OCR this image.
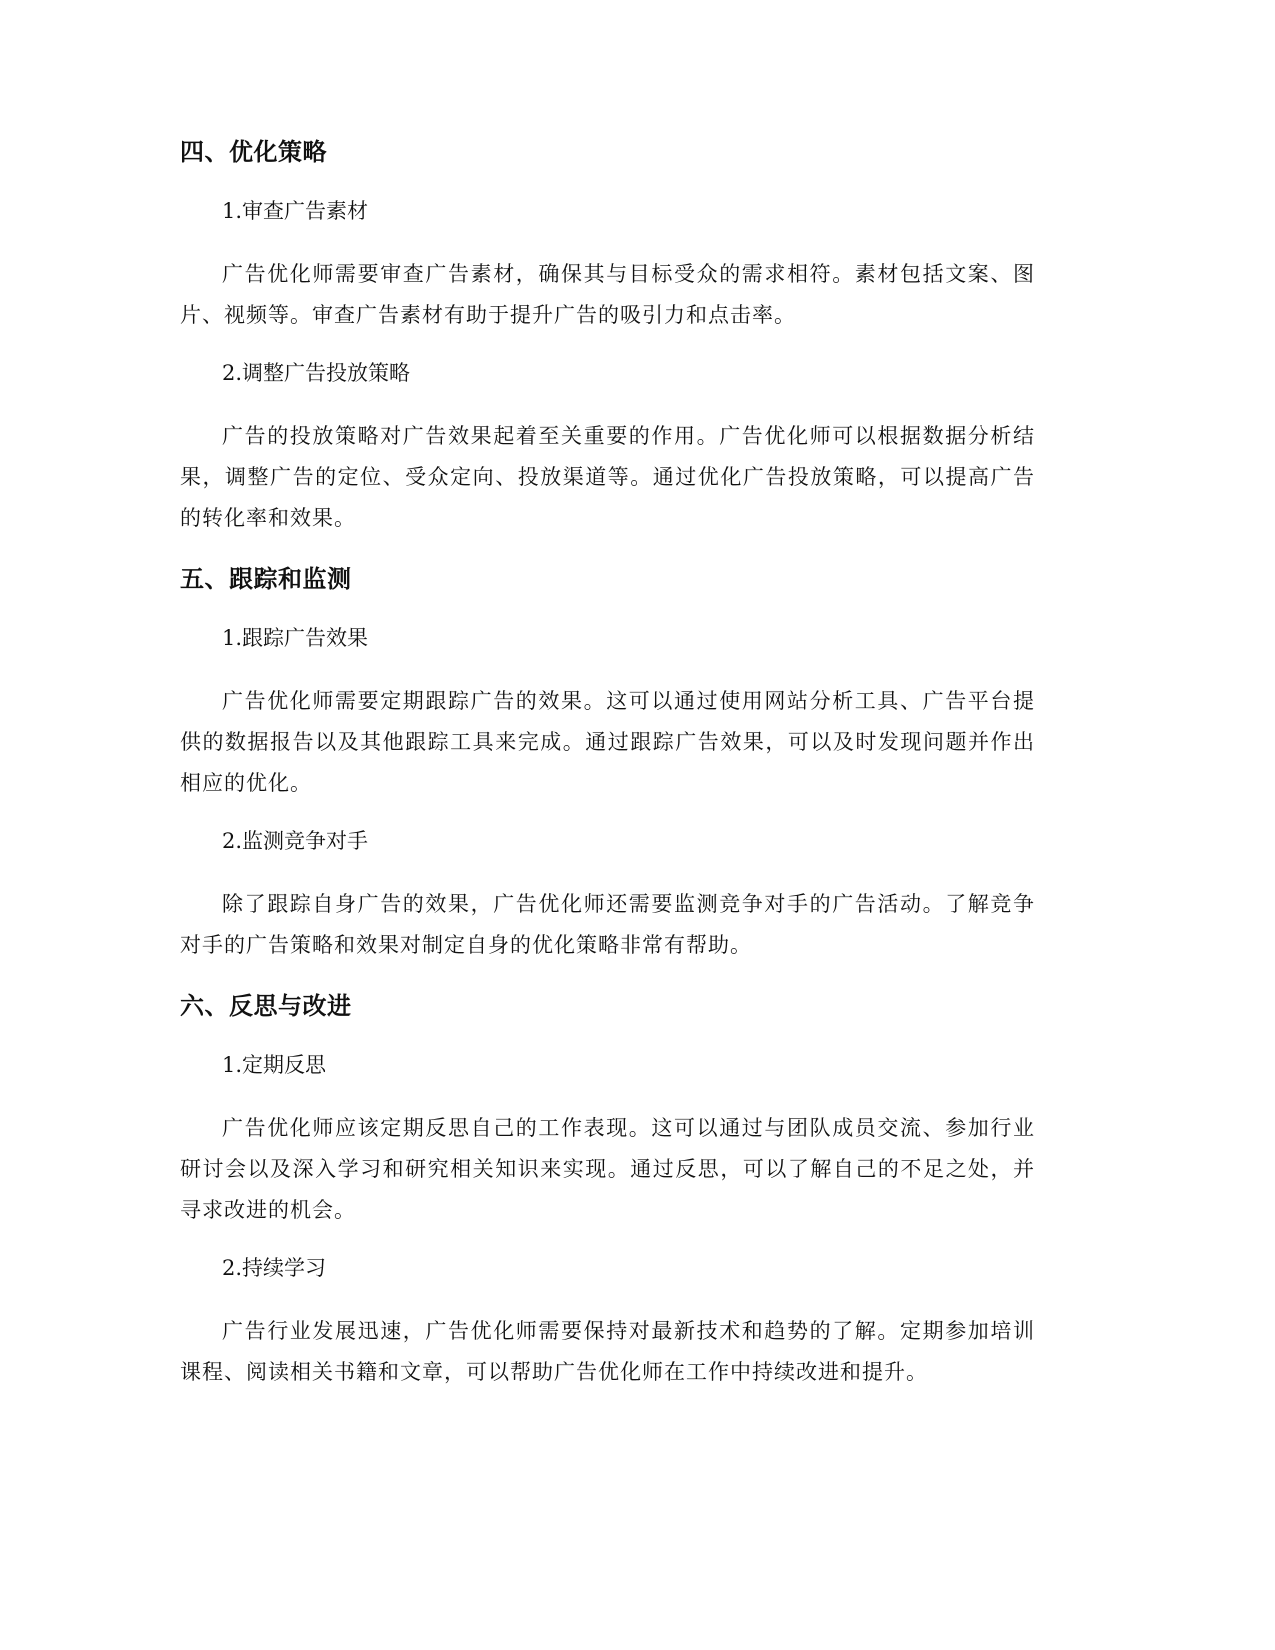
四、优化策略
1.审查广告素材

广告优化师需要审查广告素材，确保其与目标受众的需求相符。素材包括文案、图片、视频等。审查广告素材有助于提升广告的吸引力和点击率。

2.调整广告投放策略

广告的投放策略对广告效果起着至关重要的作用。广告优化师可以根据数据分析结果，调整广告的定位、受众定向、投放渠道等。通过优化广告投放策略，可以提高广告的转化率和效果。

五、跟踪和监测
1.跟踪广告效果

广告优化师需要定期跟踪广告的效果。这可以通过使用网站分析工具、广告平台提供的数据报告以及其他跟踪工具来完成。通过跟踪广告效果，可以及时发现问题并作出相应的优化。

2.监测竞争对手

除了跟踪自身广告的效果，广告优化师还需要监测竞争对手的广告活动。了解竞争对手的广告策略和效果对制定自身的优化策略非常有帮助。

六、反思与改进
1.定期反思

广告优化师应该定期反思自己的工作表现。这可以通过与团队成员交流、参加行业研讨会以及深入学习和研究相关知识来实现。通过反思，可以了解自己的不足之处，并寻求改进的机会。

2.持续学习

广告行业发展迅速，广告优化师需要保持对最新技术和趋势的了解。定期参加培训课程、阅读相关书籍和文章，可以帮助广告优化师在工作中持续改进和提升。
